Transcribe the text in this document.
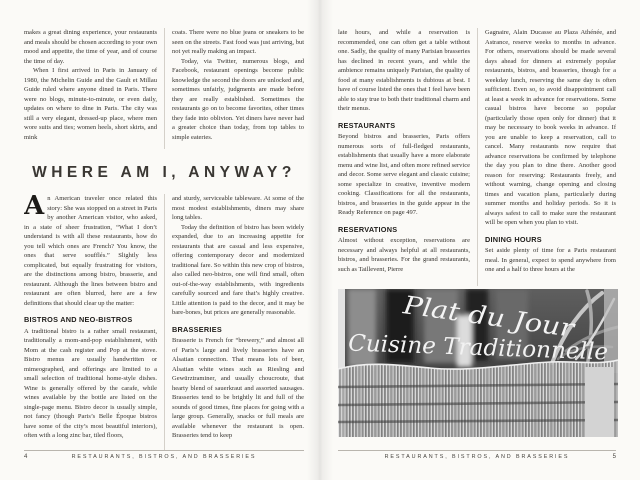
makes a great dining experience, your restaurants and meals should be chosen according to your own mood and appetite, the time of year, and of course the time of day.

When I first arrived in Paris in January of 1980, the Michelin Guide and the Gault et Millau Guide ruled where anyone dined in Paris. There were no blogs, minute-to-minute, or even daily, updates on where to dine in Paris. The city was still a very elegant, dressed-up place, where men wore suits and ties; women heels, short skirts, and mink

coats. There were no blue jeans or sneakers to be seen on the streets. Fast food was just arriving, but not yet really making an impact.

Today, via Twitter, numerous blogs, and Facebook, restaurant openings become public knowledge the second the doors are unlocked and, sometimes unfairly, judgments are made before they are really established. Sometimes the restaurants go on to become favorites, other times they fade into oblivion. Yet diners have never had a greater choice than today, from top tables to simple eateries.

WHERE AM I, ANYWAY?

An American traveler once related this story: She was stopped on a street in Paris by another American visitor, who asked, in a state of sheer frustration, “What I don’t understand is with all these restaurants, how do you tell which ones are French? You know, the ones that serve soufflés.” Slightly less complicated, but equally frustrating for visitors, are the distinctions among bistro, brasserie, and restaurant. Although the lines between bistro and restaurant are often blurred, here are a few definitions that should clear up the matter:

BISTROS AND NEO-BISTROS

A traditional bistro is a rather small restaurant, traditionally a mom-and-pop establishment, with Mom at the cash register and Pop at the stove. Bistro menus are usually handwritten or mimeographed, and offerings are limited to a small selection of traditional home-style dishes. Wine is generally offered by the carafe, while wines available by the bottle are listed on the single-page menu. Bistro decor is usually simple, not fancy (though Paris’s Belle Époque bistros have some of the city’s most beautiful interiors), often with a long zinc bar, tiled floors,

and sturdy, serviceable tableware. At some of the most modest establishments, diners may share long tables.

Today the definition of bistro has been widely expanded, due to an increasing appetite for restaurants that are casual and less expensive, offering contemporary decor and modernized traditional fare. So within this new crop of bistros, also called neo-bistros, one will find small, often out-of-the-way establishments, with ingredients carefully sourced and fare that’s highly creative. Little attention is paid to the decor, and it may be bare-bones, but prices are generally reasonable.

BRASSERIES

Brasserie is French for “brewery,” and almost all of Paris’s large and lively brasseries have an Alsatian connection. That means lots of beer, Alsatian white wines such as Riesling and Gewürztraminer, and usually choucroute, that hearty blend of sauerkraut and assorted sausages. Brasseries tend to be brightly lit and full of the sounds of good times, fine places for going with a large group. Generally, snacks or full meals are available whenever the restaurant is open. Brasseries tend to keep

4	RESTAURANTS, BISTROS, AND BRASSERIES

late hours, and while a reservation is recommended, one can often get a table without one. Sadly, the quality of many Parisian brasseries has declined in recent years, and while the ambience remains uniquely Parisian, the quality of food at many establishments is dubious at best. I have of course listed the ones that I feel have been able to stay true to both their traditional charm and their menus.

RESTAURANTS

Beyond bistros and brasseries, Paris offers numerous sorts of full-fledged restaurants, establishments that usually have a more elaborate menu and wine list, and often more refined service and decor. Some serve elegant and classic cuisine; some specialize in creative, inventive modern cooking. Classifications for all the restaurants, bistros, and brasseries in the guide appear in the Ready Reference on page 497.

RESERVATIONS

Almost without exception, reservations are necessary and always helpful at all restaurants, bistros, and brasseries. For the grand restaurants, such as Taillevent, Pierre

Gagnaire, Alain Ducasse au Plaza Athénée, and Astrance, reserve weeks to months in advance. For others, reservations should be made several days ahead for dinners at extremely popular restaurants, bistros, and brasseries, though for a weekday lunch, reserving the same day is often sufficient. Even so, to avoid disappointment call at least a week in advance for reservations. Some casual bistros have become so popular (particularly those open only for dinner) that it may be necessary to book weeks in advance. If you are unable to keep a reservation, call to cancel. Many restaurants now require that advance reservations be confirmed by telephone the day you plan to dine there. Another good reason for reserving: Restaurants freely, and without warning, change opening and closing times and vacation plans, particularly during summer months and holiday periods. So it is always safest to call to make sure the restaurant will be open when you plan to visit.

DINING HOURS

Set aside plenty of time for a Paris restaurant meal. In general, expect to spend anywhere from one and a half to three hours at the

Plat du Jour
Cuisine Traditionnelle
RESTAURANTS, BISTROS, AND BRASSERIES	5
